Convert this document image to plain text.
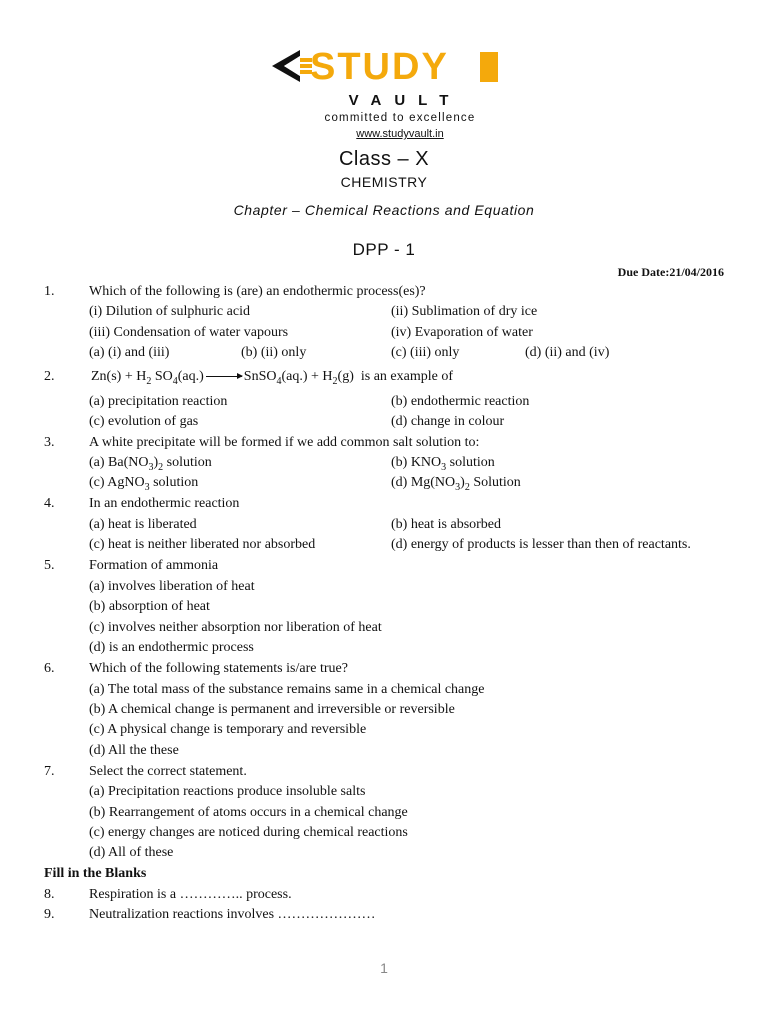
STUDY
VAULT
committed to excellence
www.studyvault.in
Class – X
CHEMISTRY
Chapter – Chemical Reactions and Equation
DPP - 1
Due Date:21/04/2016
1. Which of the following is (are) an endothermic process(es)?
(i) Dilution of sulphuric acid	(ii) Sublimation of dry ice
(iii) Condensation of water vapours	(iv) Evaporation of water
(a) (i) and (iii)	(b) (ii) only	(c) (iii) only	(d) (ii) and (iv)
2.	$Zn(s) + H_2$ $SO_4(aq.)$ → SnSO$_4$(aq.) + $H_2(g)$ is an example of
(a) precipitation reaction	(b) endothermic reaction
(c) evolution of gas	(d) change in colour
3. A white precipitate will be formed if we add common salt solution to:
(a) $Ba(NO_3)_2$ solution	(b) $KNO_3$ solution
(c) AgNO$_3$ solution	(d) $Mg(NO_3)_2$ Solution
4. In an endothermic reaction
(a) heat is liberated	(b) heat is absorbed
(c) heat is neither liberated nor absorbed	(d) energy of products is lesser than then of reactants.
5. Formation of ammonia
(a) involves liberation of heat
(b) absorption of heat
(c) involves neither absorption nor liberation of heat
(d) is an endothermic process
6. Which of the following statements is/are true?
(a) The total mass of the substance remains same in a chemical change
(b) A chemical change is permanent and irreversible or reversible
(c) A physical change is temporary and reversible
(d) All the these
7. Select the correct statement.
(a) Precipitation reactions produce insoluble salts
(b) Rearrangement of atoms occurs in a chemical change
(c) energy changes are noticed during chemical reactions
(d) All of these
Fill in the Blanks
8. Respiration is a ………….. process.
9. Neutralization reactions involves …………………
1
